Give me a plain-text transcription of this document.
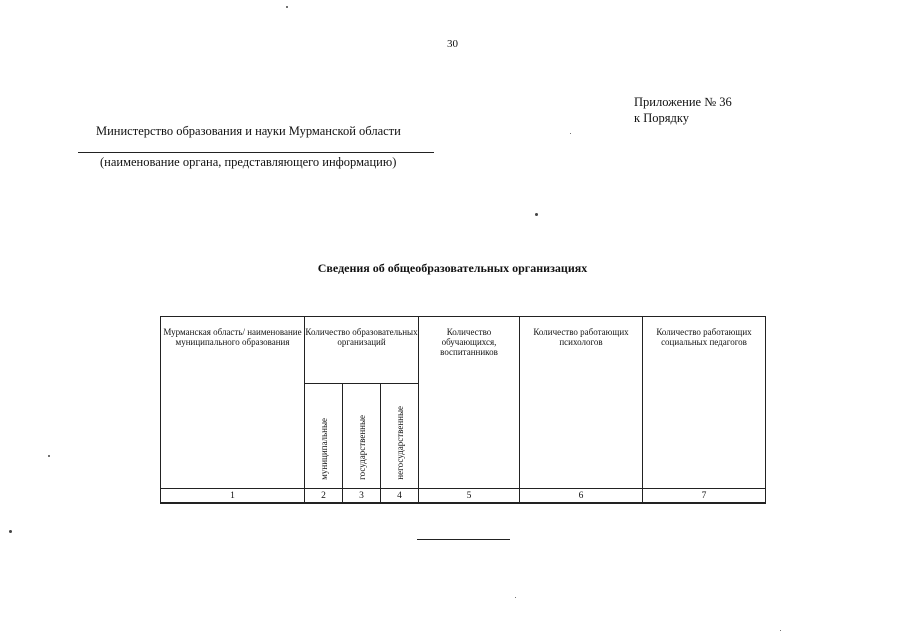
30
Приложение № 36
к Порядку
Министерство образования и науки Мурманской области
(наименование органа, представляющего информацию)
Сведения об общеобразовательных организациях
Мурманская область/ наименование муниципального образования	Количество образовательных организаций			Количество обучающихся, воспитанников	Количество работающих психологов	Количество работающих социальных педагогов
	муниципальные	государственные	негосударственные			
1	2	3	4	5	6	7
